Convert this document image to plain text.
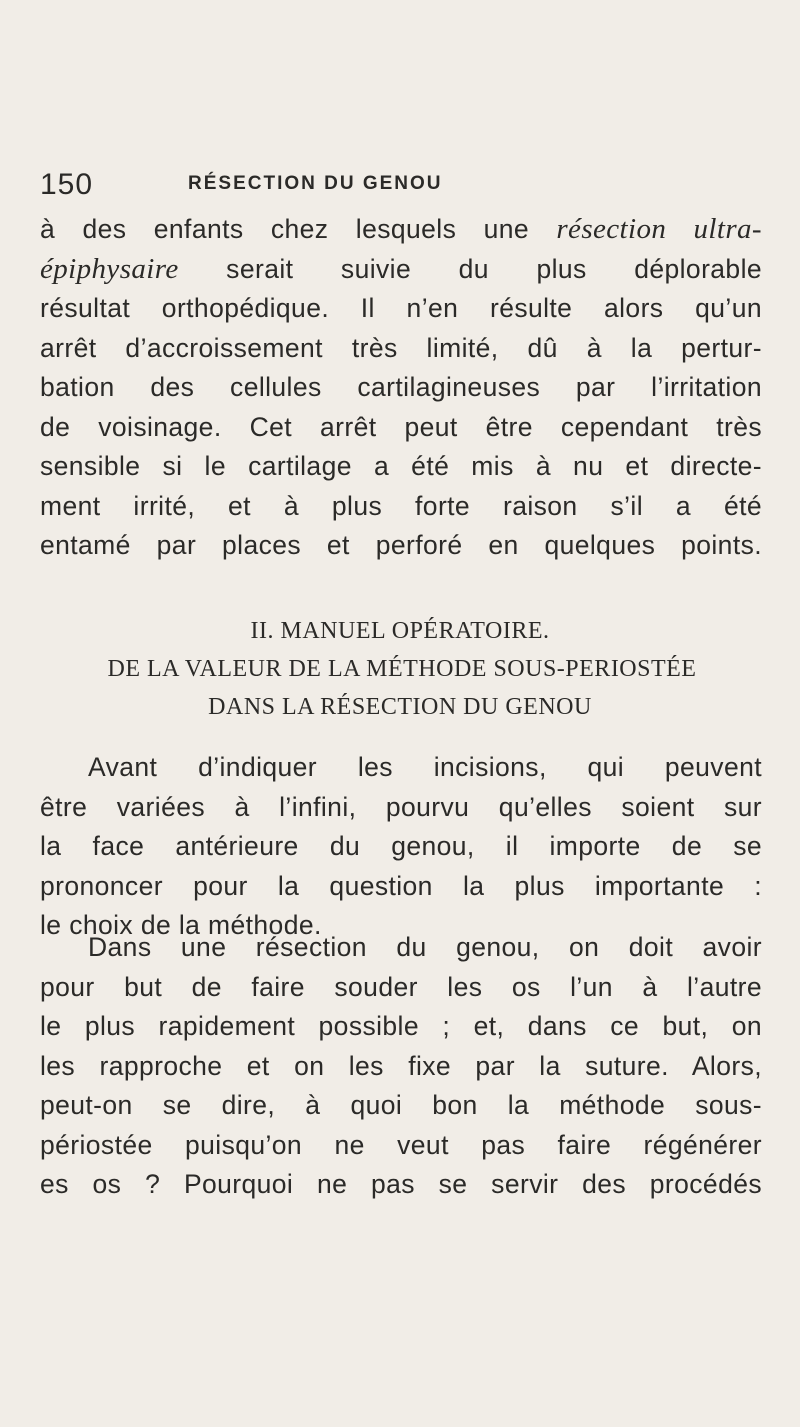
150	RÉSECTION DU GENOU
à des enfants chez lesquels une résection ultra-
épiphysaire serait suivie du plus déplorable
résultat orthopédique. Il n’en résulte alors qu’un
arrêt d’accroissement très limité, dû à la pertur-
bation des cellules cartilagineuses par l’irritation
de voisinage. Cet arrêt peut être cependant très
sensible si le cartilage a été mis à nu et directe-
ment irrité, et à plus forte raison s’il a été
entamé par places et perforé en quelques points.
II. MANUEL OPÉRATOIRE.
DE LA VALEUR DE LA MÉTHODE SOUS-PERIOSTÉE
DANS LA RÉSECTION DU GENOU
Avant d’indiquer les incisions, qui peuvent
être variées à l’infini, pourvu qu’elles soient sur
la face antérieure du genou, il importe de se
prononcer pour la question la plus importante :
le choix de la méthode.
Dans une résection du genou, on doit avoir
pour but de faire souder les os l’un à l’autre
le plus rapidement possible ; et, dans ce but, on
les rapproche et on les fixe par la suture. Alors,
peut-on se dire, à quoi bon la méthode sous-
périostée puisqu’on ne veut pas faire régénérer
es os ? Pourquoi ne pas se servir des procédés
